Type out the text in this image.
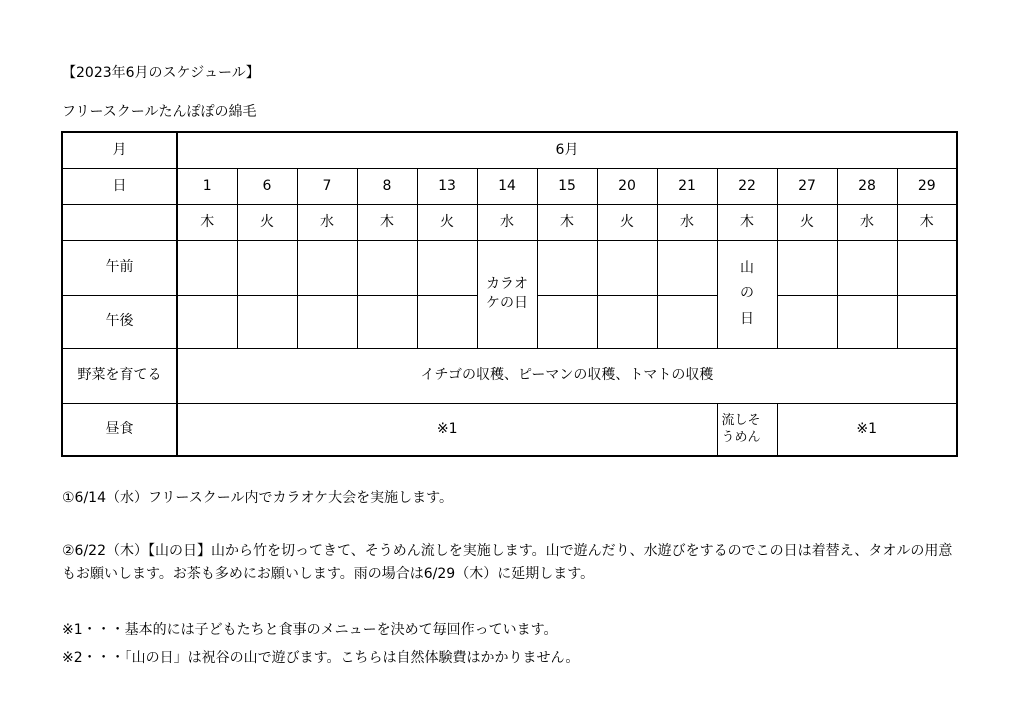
【2023年6月のスケジュール】
フリースクールたんぽぽの綿毛
月	6月												
日	1	6	7	8	13	14	15	20	21	22	27	28	29
	木	火	水	木	火	水	木	火	水	木	火	水	木
午前						カラオケの日				山の日			
午後													
野菜を育てる	イチゴの収穫、ピーマンの収穫、トマトの収穫												
昼食	※1									流しそうめん	※1		
①6/14（水）フリースクール内でカラオケ大会を実施します。
②6/22（木）【山の日】山から竹を切ってきて、そうめん流しを実施します。山で遊んだり、水遊びをするのでこの日は着替え、タオルの用意もお願いします。お茶も多めにお願いします。雨の場合は6/29（木）に延期します。
※1・・・基本的には子どもたちと食事のメニューを決めて毎回作っています。
※2・・・「山の日」は祝谷の山で遊びます。こちらは自然体験費はかかりません。
